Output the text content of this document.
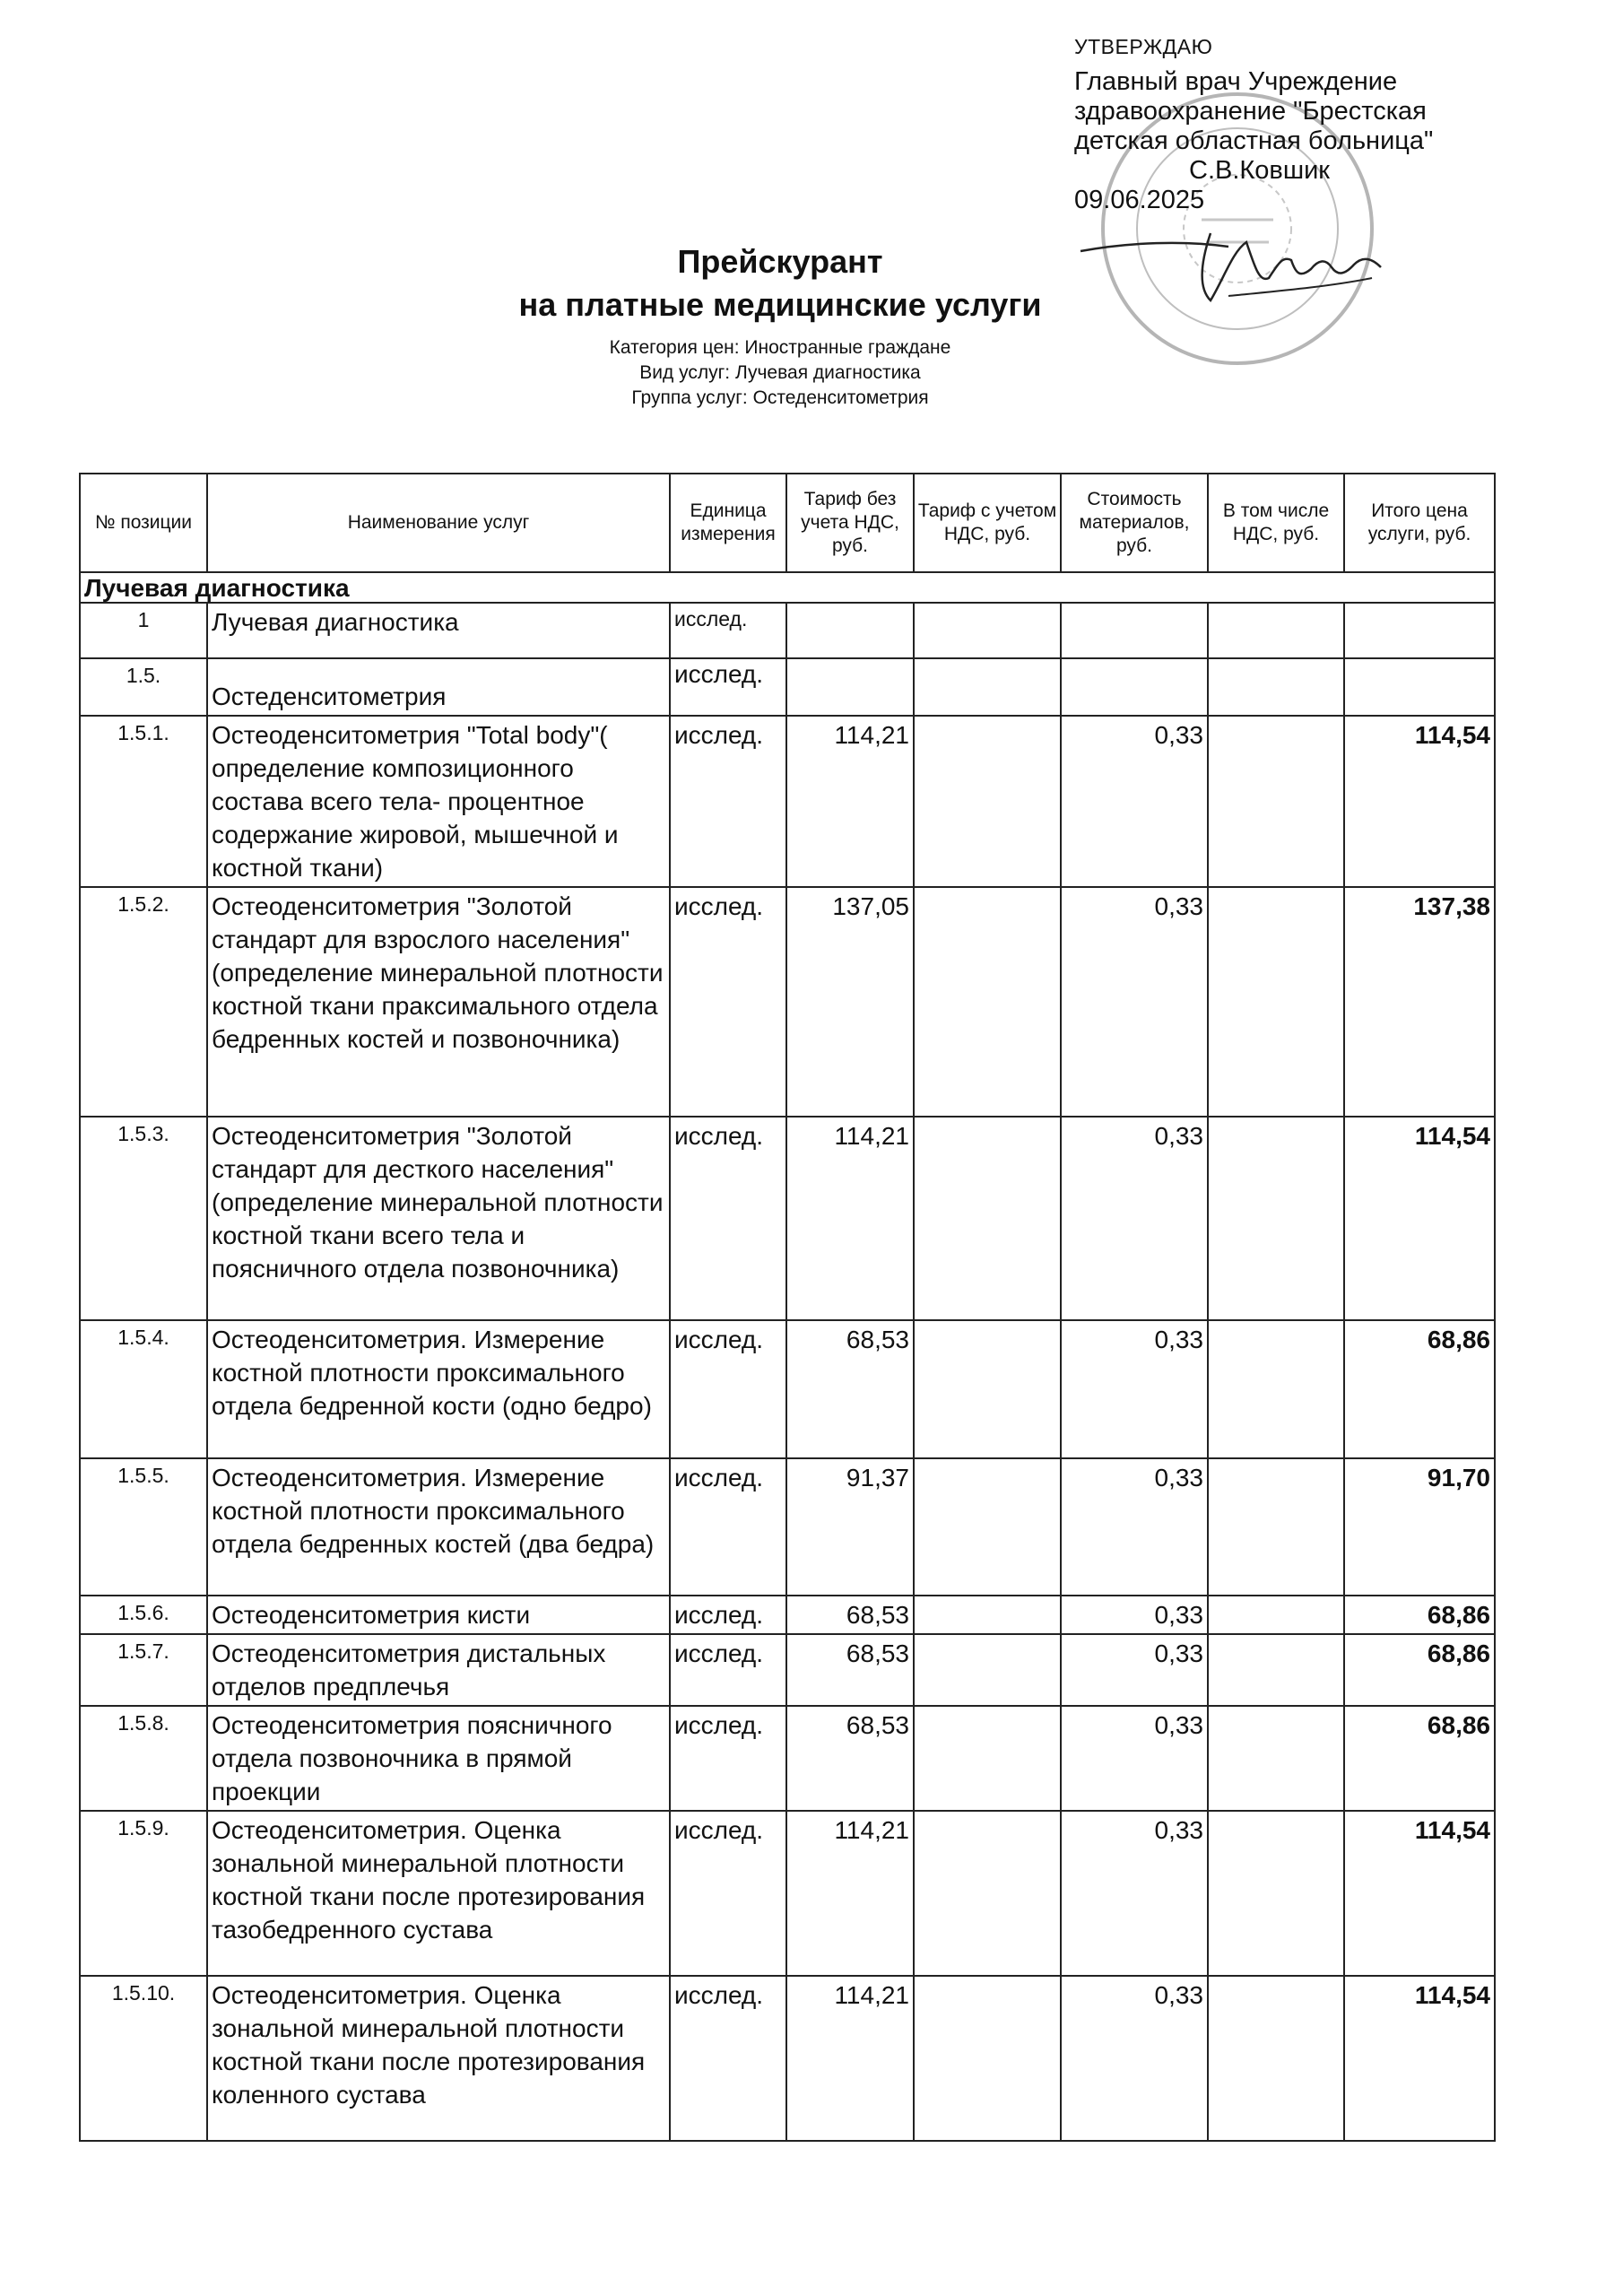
УТВЕРЖДАЮ
Главный врач Учреждение
здравоохранение "Брестская
детская областная больница"
С.В.Ковшик
09.06.2025
Прейскурант
на платные медицинские услуги
Категория цен: Иностранные граждане
Вид услуг: Лучевая диагностика
Группа услуг: Остеденситометрия
№ позиции	Наименование услуг	Единица измерения	Тариф без учета НДС, руб.	Тариф с учетом НДС, руб.	Стоимость материалов, руб.	В том числе НДС, руб.	Итого цена услуги, руб.
Лучевая диагностика							
1	Лучевая диагностика	исслед.					
1.5.	Остеденситометрия	исслед.					
1.5.1.	Остеоденситометрия "Total body"( определение композиционного состава всего тела- процентное содержание жировой, мышечной и костной ткани)	исслед.	114,21		0,33		114,54
1.5.2.	Остеоденситометрия "Золотой стандарт для взрослого населения" (определение минеральной плотности костной ткани праксимального отдела бедренных костей и позвоночника)	исслед.	137,05		0,33		137,38
1.5.3.	Остеоденситометрия "Золотой стандарт для десткого населения" (определение минеральной плотности костной ткани всего тела и поясничного отдела позвоночника)	исслед.	114,21		0,33		114,54
1.5.4.	Остеоденситометрия. Измерение костной плотности проксимального отдела бедренной кости (одно бедро)	исслед.	68,53		0,33		68,86
1.5.5.	Остеоденситометрия. Измерение костной плотности проксимального отдела бедренных костей (два бедра)	исслед.	91,37		0,33		91,70
1.5.6.	Остеоденситометрия кисти	исслед.	68,53		0,33		68,86
1.5.7.	Остеоденситометрия дистальных отделов предплечья	исслед.	68,53		0,33		68,86
1.5.8.	Остеоденситометрия поясничного отдела позвоночника в прямой проекции	исслед.	68,53		0,33		68,86
1.5.9.	Остеоденситометрия. Оценка зональной минеральной плотности костной ткани после протезирования тазобедренного сустава	исслед.	114,21		0,33		114,54
1.5.10.	Остеоденситометрия. Оценка зональной минеральной плотности костной ткани после протезирования коленного сустава	исслед.	114,21		0,33		114,54
